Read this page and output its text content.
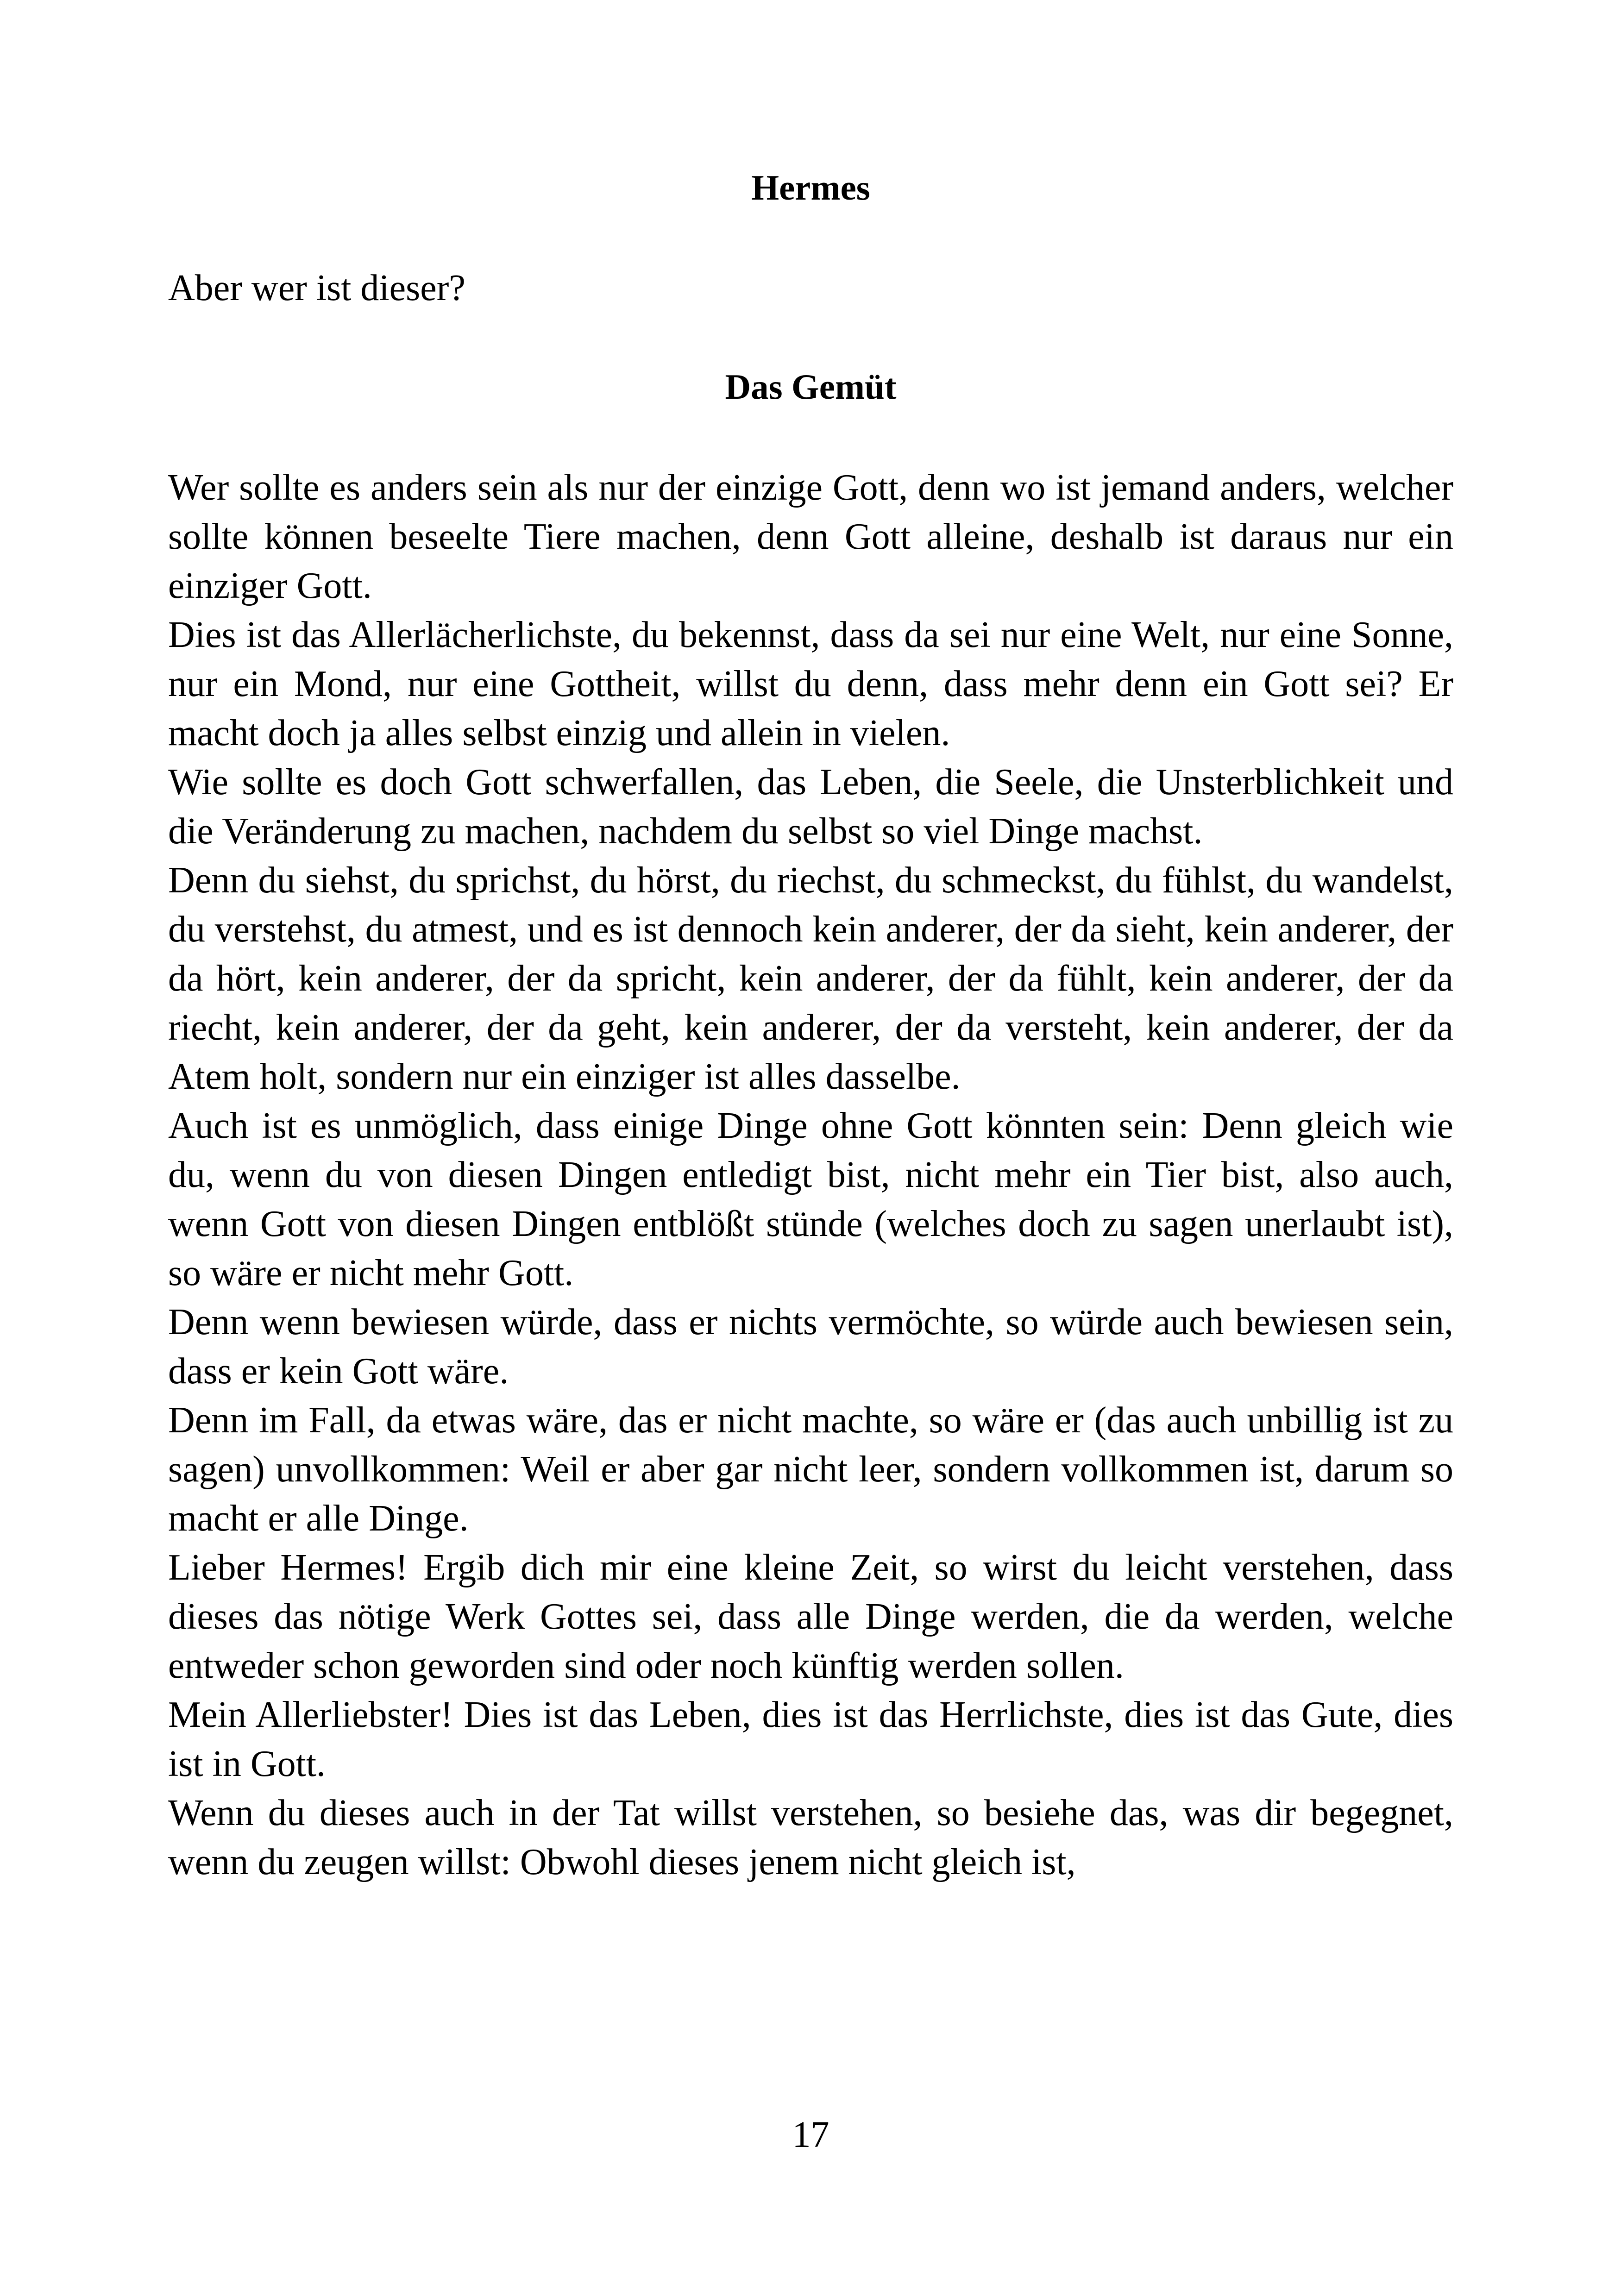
Hermes

Aber wer ist dieser?

Das Gemüt

Wer sollte es anders sein als nur der einzige Gott, denn wo ist jemand anders, welcher sollte können beseelte Tiere machen, denn Gott alleine, deshalb ist daraus nur ein einziger Gott.

Dies ist das Allerlächerlichste, du bekennst, dass da sei nur eine Welt, nur eine Sonne, nur ein Mond, nur eine Gottheit, willst du denn, dass mehr denn ein Gott sei? Er macht doch ja alles selbst einzig und allein in vielen.

Wie sollte es doch Gott schwerfallen, das Leben, die Seele, die Unsterblichkeit und die Veränderung zu machen, nachdem du selbst so viel Dinge machst.

Denn du siehst, du sprichst, du hörst, du riechst, du schmeckst, du fühlst, du wandelst, du verstehst, du atmest, und es ist dennoch kein anderer, der da sieht, kein anderer, der da hört, kein anderer, der da spricht, kein anderer, der da fühlt, kein anderer, der da riecht, kein anderer, der da geht, kein anderer, der da versteht, kein anderer, der da Atem holt, sondern nur ein einziger ist alles dasselbe.

Auch ist es unmöglich, dass einige Dinge ohne Gott könnten sein: Denn gleich wie du, wenn du von diesen Dingen entledigt bist, nicht mehr ein Tier bist, also auch, wenn Gott von diesen Dingen entblößt stünde (welches doch zu sagen unerlaubt ist), so wäre er nicht mehr Gott.

Denn wenn bewiesen würde, dass er nichts vermöchte, so würde auch bewiesen sein, dass er kein Gott wäre.

Denn im Fall, da etwas wäre, das er nicht machte, so wäre er (das auch unbillig ist zu sagen) unvollkommen: Weil er aber gar nicht leer, sondern vollkommen ist, darum so macht er alle Dinge.

Lieber Hermes! Ergib dich mir eine kleine Zeit, so wirst du leicht verstehen, dass dieses das nötige Werk Gottes sei, dass alle Dinge werden, die da werden, welche entweder schon geworden sind oder noch künftig werden sollen.

Mein Allerliebster! Dies ist das Leben, dies ist das Herrlichste, dies ist das Gute, dies ist in Gott.

Wenn du dieses auch in der Tat willst verstehen, so besiehe das, was dir begegnet, wenn du zeugen willst: Obwohl dieses jenem nicht gleich ist,

17
